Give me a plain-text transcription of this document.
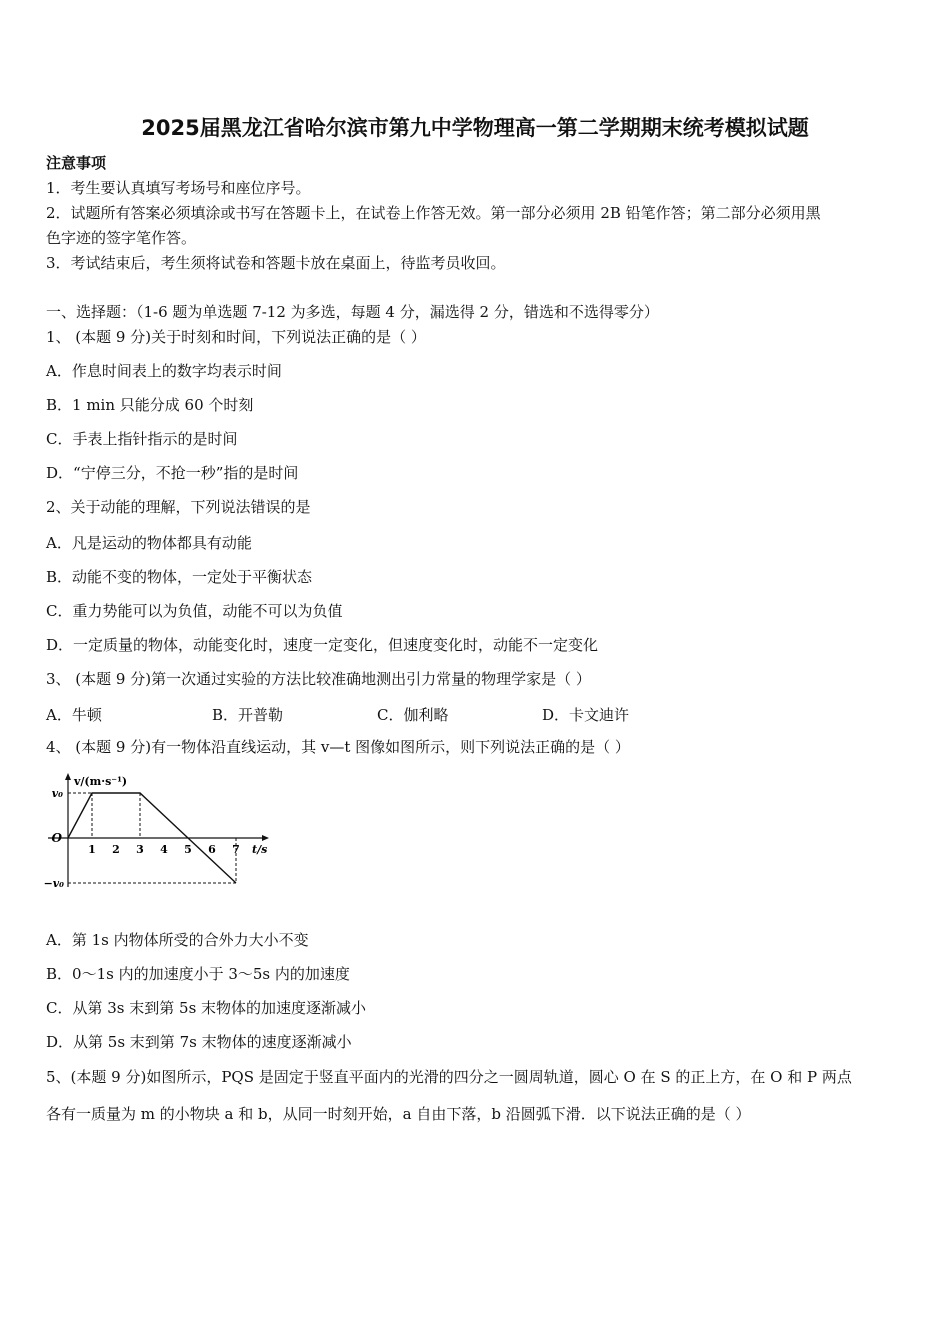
2025届黑龙江省哈尔滨市第九中学物理高一第二学期期末统考模拟试题
注意事项
1．考生要认真填写考场号和座位序号。
2．试题所有答案必须填涂或书写在答题卡上，在试卷上作答无效。第一部分必须用 2B 铅笔作答；第二部分必须用黑
色字迹的签字笔作答。
3．考试结束后，考生须将试卷和答题卡放在桌面上，待监考员收回。
一、选择题：（1-6 题为单选题 7-12 为多选，每题 4 分，漏选得 2 分，错选和不选得零分）
1、 (本题 9 分)关于时刻和时间，下列说法正确的是（ ）
A．作息时间表上的数字均表示时间
B．1 min 只能分成 60 个时刻
C．手表上指针指示的是时间
D．“宁停三分，不抢一秒”指的是时间
2、关于动能的理解，下列说法错误的是
A．凡是运动的物体都具有动能
B．动能不变的物体，一定处于平衡状态
C．重力势能可以为负值，动能不可以为负值
D．一定质量的物体，动能变化时，速度一定变化，但速度变化时，动能不一定变化
3、 (本题 9 分)第一次通过实验的方法比较准确地测出引力常量的物理学家是（ ）
A．牛顿	B．开普勒	C．伽利略	D．卡文迪许
4、 (本题 9 分)有一物体沿直线运动，其 v—t 图像如图所示，则下列说法正确的是（ ）
1 2 3 4 5 6 7
v₀
O
−v₀
v/(m·s⁻¹)
t/s
A．第 1s 内物体所受的合外力大小不变
B．0～1s 内的加速度小于 3～5s 内的加速度
C．从第 3s 末到第 5s 末物体的加速度逐渐减小
D．从第 5s 末到第 7s 末物体的速度逐渐减小
5、(本题 9 分)如图所示，PQS 是固定于竖直平面内的光滑的四分之一圆周轨道，圆心 O 在 S 的正上方，在 O 和 P 两点
各有一质量为 m 的小物块 a 和 b，从同一时刻开始，a 自由下落，b 沿圆弧下滑．以下说法正确的是（ ）
